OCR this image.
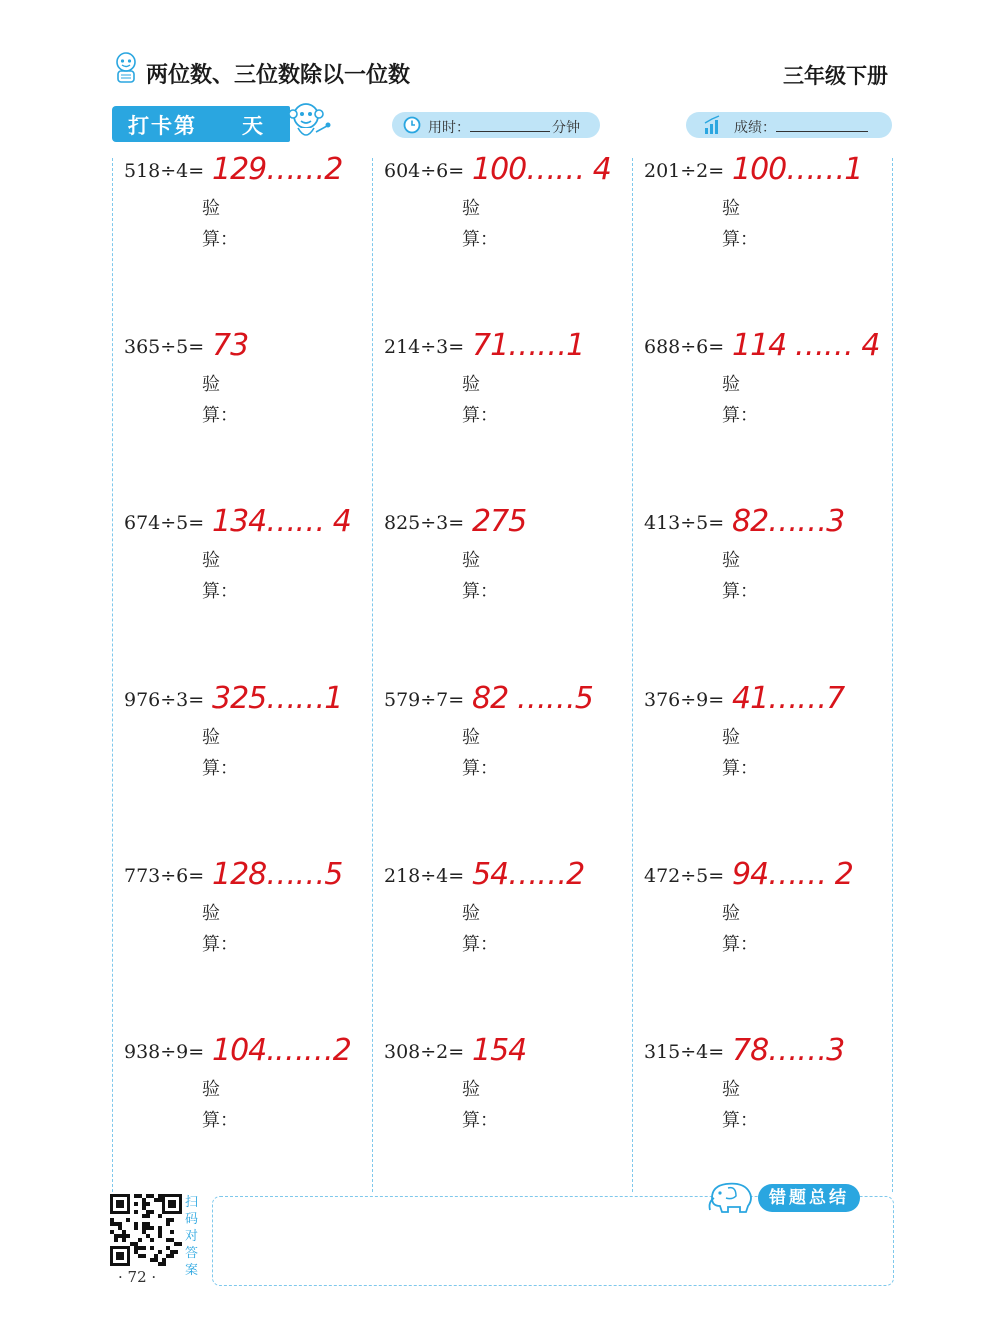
两位数、三位数除以一位数	三年级下册
打卡第 天	用时：	分钟	成绩：
错题总结
扫码对答案
· 72 ·
518÷4= 129……2
验
算：
365÷5= 73
验
算：
674÷5= 134…… 4
验
算：
976÷3= 325……1
验
算：
773÷6= 128……5
验
算：
938÷9= 104.……2
验
算：
604÷6= 100…… 4
验
算：
214÷3= 71……1
验
算：
825÷3= 275
验
算：
579÷7= 82 ……5
验
算：
218÷4= 54……2
验
算：
308÷2= 154
验
算：
201÷2= 100……1
验
算：
688÷6= 114 …… 4
验
算：
413÷5= 82……3
验
算：
376÷9= 41……7
验
算：
472÷5= 94…… 2
验
算：
315÷4= 78……3
验
算：
